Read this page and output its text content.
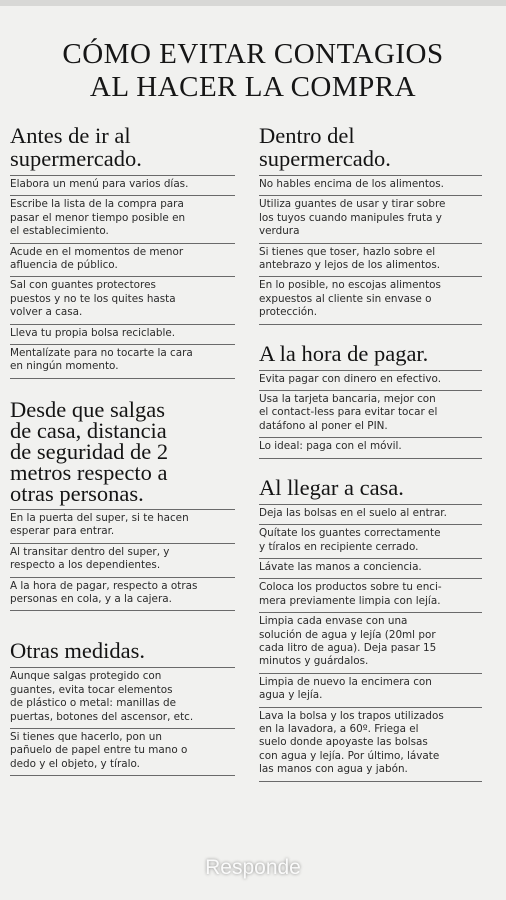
CÓMO EVITAR CONTAGIOS
AL HACER LA COMPRA
Antes de ir al
supermercado.
Elabora un menú para varios días.
Escribe la lista de la compra para
pasar el menor tiempo posible en
el establecimiento.
Acude en el momentos de menor
afluencia de público.
Sal con guantes protectores
puestos y no te los quites hasta
volver a casa.
Lleva tu propia bolsa reciclable.
Mentalízate para no tocarte la cara
en ningún momento.
Desde que salgas
de casa, distancia
de seguridad de 2
metros respecto a
otras personas.
En la puerta del super, si te hacen
esperar para entrar.
Al transitar dentro del super, y
respecto a los dependientes.
A la hora de pagar, respecto a otras
personas en cola, y a la cajera.
Otras medidas.
Aunque salgas protegido con
guantes, evita tocar elementos
de plástico o metal: manillas de
puertas, botones del ascensor, etc.
Si tienes que hacerlo, pon un
pañuelo de papel entre tu mano o
dedo y el objeto, y tíralo.
Dentro del
supermercado.
No hables encima de los alimentos.
Utiliza guantes de usar y tirar sobre
los tuyos cuando manipules fruta y
verdura
Si tienes que toser, hazlo sobre el
antebrazo y lejos de los alimentos.
En lo posible, no escojas alimentos
expuestos al cliente sin envase o
protección.
A la hora de pagar.
Evita pagar con dinero en efectivo.
Usa la tarjeta bancaria, mejor con
el contact-less para evitar tocar el
datáfono al poner el PIN.
Lo ideal: paga con el móvil.
Al llegar a casa.
Deja las bolsas en el suelo al entrar.
Quítate los guantes correctamente
y tíralos en recipiente cerrado.
Lávate las manos a conciencia.
Coloca los productos sobre tu enci-
mera previamente limpia con lejía.
Limpia cada envase con una
solución de agua y lejía (20ml por
cada litro de agua). Deja pasar 15
minutos y guárdalos.
Limpia de nuevo la encimera con
agua y lejía.
Lava la bolsa y los trapos utilizados
en la lavadora, a 60º. Friega el
suelo donde apoyaste las bolsas
con agua y lejía. Por último, lávate
las manos con agua y jabón.
Responde
